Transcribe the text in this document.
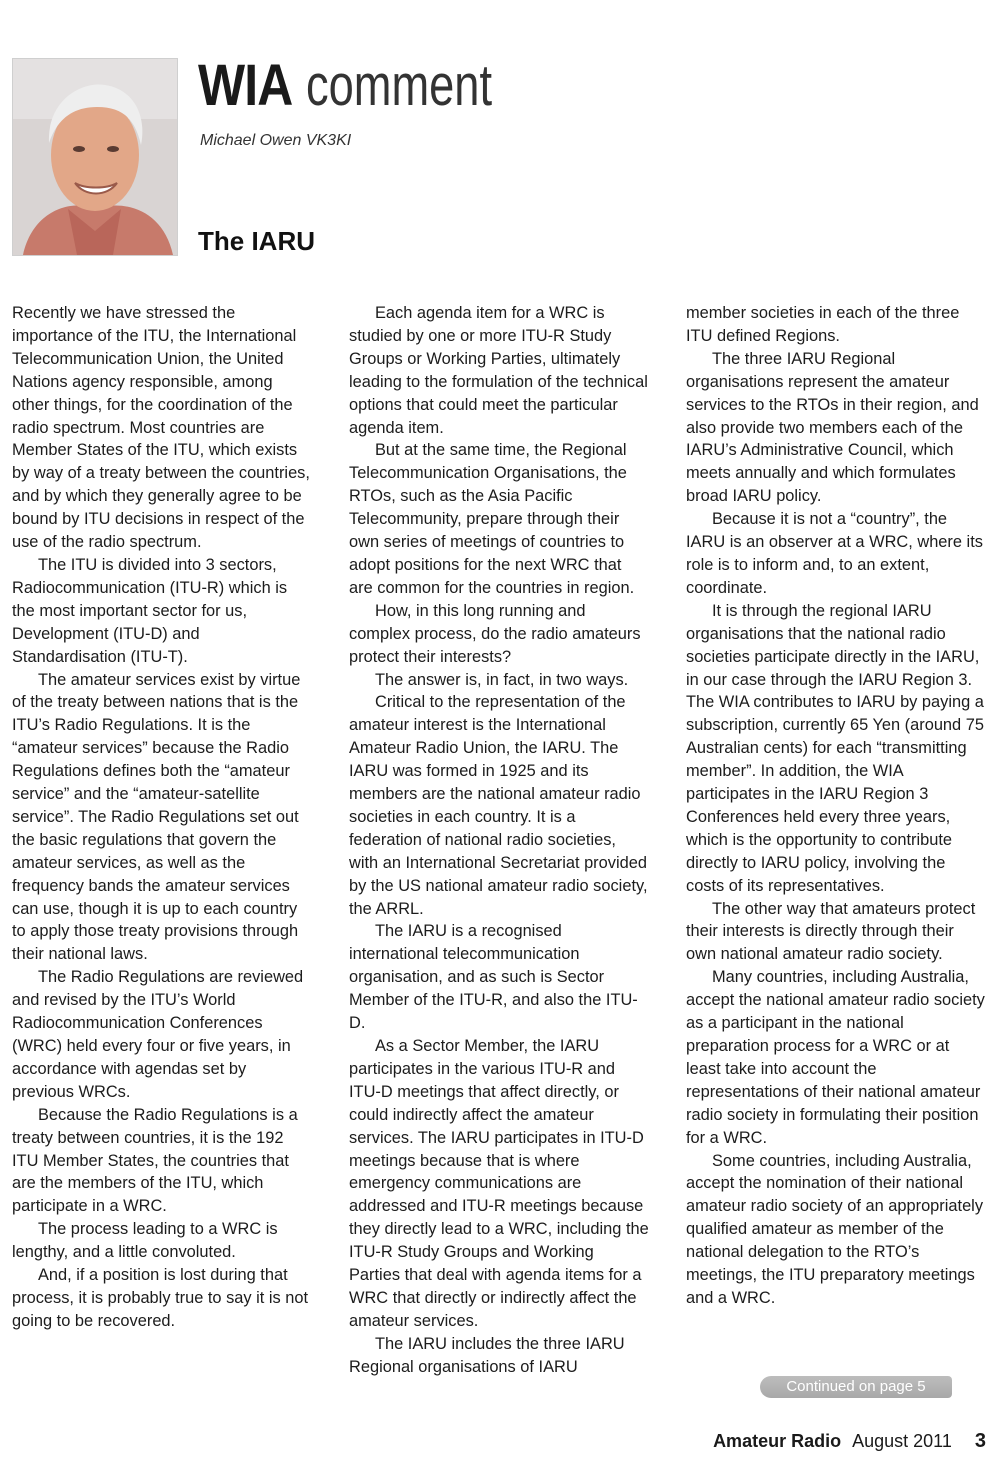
WIA comment
Michael Owen VK3KI
The IARU

Recently we have stressed the importance of the ITU, the International Telecommunication Union, the United Nations agency responsible, among other things, for the coordination of the radio spectrum. Most countries are Member States of the ITU, which exists by way of a treaty between the countries, and by which they generally agree to be bound by ITU decisions in respect of the use of the radio spectrum.

The ITU is divided into 3 sectors, Radiocommunication (ITU-R) which is the most important sector for us, Development (ITU-D) and Standardisation (ITU-T).

The amateur services exist by virtue of the treaty between nations that is the ITU’s Radio Regulations. It is the “amateur services” because the Radio Regulations defines both the “amateur service” and the “amateur-satellite service”. The Radio Regulations set out the basic regulations that govern the amateur services, as well as the frequency bands the amateur services can use, though it is up to each country to apply those treaty provisions through their national laws.

The Radio Regulations are reviewed and revised by the ITU’s World Radiocommunication Conferences (WRC) held every four or five years, in accordance with agendas set by previous WRCs.

Because the Radio Regulations is a treaty between countries, it is the 192 ITU Member States, the countries that are the members of the ITU, which participate in a WRC.

The process leading to a WRC is lengthy, and a little convoluted.

And, if a position is lost during that process, it is probably true to say it is not going to be recovered.

Each agenda item for a WRC is studied by one or more ITU-R Study Groups or Working Parties, ultimately leading to the formulation of the technical options that could meet the particular agenda item.

But at the same time, the Regional Telecommunication Organisations, the RTOs, such as the Asia Pacific Telecommunity, prepare through their own series of meetings of countries to adopt positions for the next WRC that are common for the countries in region.

How, in this long running and complex process, do the radio amateurs protect their interests?

The answer is, in fact, in two ways.

Critical to the representation of the amateur interest is the International Amateur Radio Union, the IARU. The IARU was formed in 1925 and its members are the national amateur radio societies in each country. It is a federation of national radio societies, with an International Secretariat provided by the US national amateur radio society, the ARRL.

The IARU is a recognised international telecommunication organisation, and as such is Sector Member of the ITU-R, and also the ITU-D.

As a Sector Member, the IARU participates in the various ITU-R and ITU-D meetings that affect directly, or could indirectly affect the amateur services. The IARU participates in ITU-D meetings because that is where emergency communications are addressed and ITU-R meetings because they directly lead to a WRC, including the ITU-R Study Groups and Working Parties that deal with agenda items for a WRC that directly or indirectly affect the amateur services.

The IARU includes the three IARU Regional organisations of IARU

member societies in each of the three ITU defined Regions.

The three IARU Regional organisations represent the amateur services to the RTOs in their region, and also provide two members each of the IARU’s Administrative Council, which meets annually and which formulates broad IARU policy.

Because it is not a “country”, the IARU is an observer at a WRC, where its role is to inform and, to an extent, coordinate.

It is through the regional IARU organisations that the national radio societies participate directly in the IARU, in our case through the IARU Region 3. The WIA contributes to IARU by paying a subscription, currently 65 Yen (around 75 Australian cents) for each “transmitting member”. In addition, the WIA participates in the IARU Region 3 Conferences held every three years, which is the opportunity to contribute directly to IARU policy, involving the costs of its representatives.

The other way that amateurs protect their interests is directly through their own national amateur radio society.

Many countries, including Australia, accept the national amateur radio society as a participant in the national preparation process for a WRC or at least take into account the representations of their national amateur radio society in formulating their position for a WRC.

Some countries, including Australia, accept the nomination of their national amateur radio society of an appropriately qualified amateur as member of the national delegation to the RTO’s meetings, the ITU preparatory meetings and a WRC.

Continued on page 5
Amateur Radio August 2011 3
